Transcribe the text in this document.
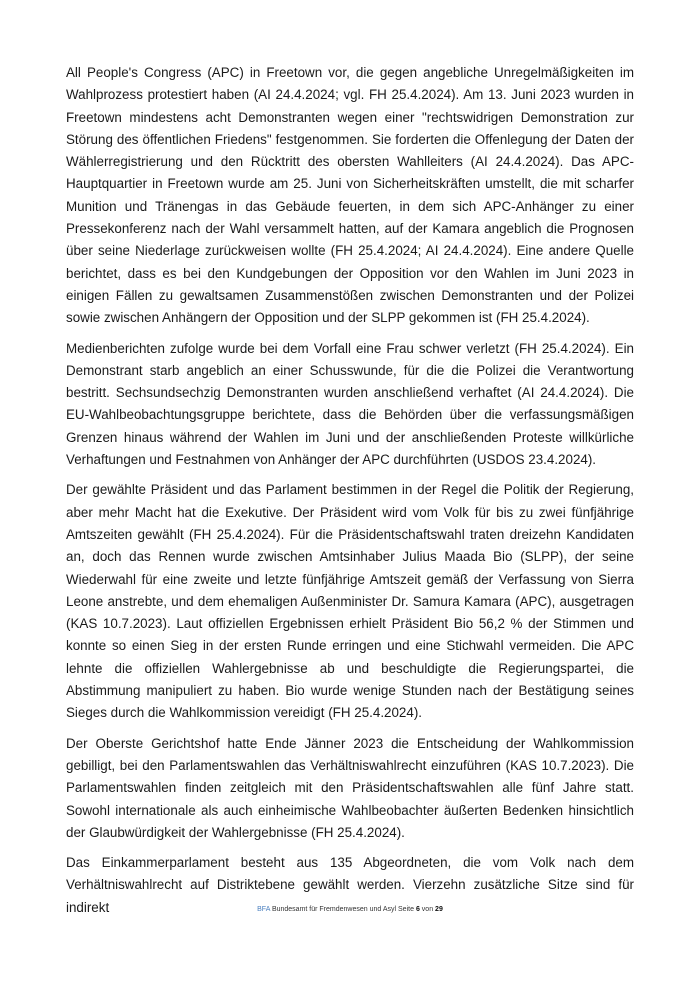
All People's Congress (APC) in Freetown vor, die gegen angebliche Unregelmäßigkeiten im Wahlprozess protestiert haben (AI 24.4.2024; vgl. FH 25.4.2024). Am 13. Juni 2023 wurden in Freetown mindestens acht Demonstranten wegen einer "rechtswidrigen Demonstration zur Störung des öffentlichen Friedens" festgenommen. Sie forderten die Offenlegung der Daten der Wählerregistrierung und den Rücktritt des obersten Wahlleiters (AI 24.4.2024). Das APC-Hauptquartier in Freetown wurde am 25. Juni von Sicherheitskräften umstellt, die mit scharfer Munition und Tränengas in das Gebäude feuerten, in dem sich APC-Anhänger zu einer Pressekonferenz nach der Wahl versammelt hatten, auf der Kamara angeblich die Prognosen über seine Niederlage zurückweisen wollte (FH 25.4.2024; AI 24.4.2024). Eine andere Quelle berichtet, dass es bei den Kundgebungen der Opposition vor den Wahlen im Juni 2023 in einigen Fällen zu gewaltsamen Zusammenstößen zwischen Demonstranten und der Polizei sowie zwischen Anhängern der Opposition und der SLPP gekommen ist (FH 25.4.2024).

Medienberichten zufolge wurde bei dem Vorfall eine Frau schwer verletzt (FH 25.4.2024). Ein Demonstrant starb angeblich an einer Schusswunde, für die die Polizei die Verantwortung bestritt. Sechsundsechzig Demonstranten wurden anschließend verhaftet (AI 24.4.2024). Die EU-Wahlbeobachtungsgruppe berichtete, dass die Behörden über die verfassungsmäßigen Grenzen hinaus während der Wahlen im Juni und der anschließenden Proteste willkürliche Verhaftungen und Festnahmen von Anhänger der APC durchführten (USDOS 23.4.2024).

Der gewählte Präsident und das Parlament bestimmen in der Regel die Politik der Regierung, aber mehr Macht hat die Exekutive. Der Präsident wird vom Volk für bis zu zwei fünfjährige Amtszeiten gewählt (FH 25.4.2024). Für die Präsidentschaftswahl traten dreizehn Kandidaten an, doch das Rennen wurde zwischen Amtsinhaber Julius Maada Bio (SLPP), der seine Wiederwahl für eine zweite und letzte fünfjährige Amtszeit gemäß der Verfassung von Sierra Leone anstrebte, und dem ehemaligen Außenminister Dr. Samura Kamara (APC), ausgetragen (KAS 10.7.2023). Laut offiziellen Ergebnissen erhielt Präsident Bio 56,2 % der Stimmen und konnte so einen Sieg in der ersten Runde erringen und eine Stichwahl vermeiden. Die APC lehnte die offiziellen Wahlergebnisse ab und beschuldigte die Regierungspartei, die Abstimmung manipuliert zu haben. Bio wurde wenige Stunden nach der Bestätigung seines Sieges durch die Wahlkommission vereidigt (FH 25.4.2024).

Der Oberste Gerichtshof hatte Ende Jänner 2023 die Entscheidung der Wahlkommission gebilligt, bei den Parlamentswahlen das Verhältniswahlrecht einzuführen (KAS 10.7.2023). Die Parlamentswahlen finden zeitgleich mit den Präsidentschaftswahlen alle fünf Jahre statt. Sowohl internationale als auch einheimische Wahlbeobachter äußerten Bedenken hinsichtlich der Glaubwürdigkeit der Wahlergebnisse (FH 25.4.2024).

Das Einkammerparlament besteht aus 135 Abgeordneten, die vom Volk nach dem Verhältniswahlrecht auf Distriktebene gewählt werden. Vierzehn zusätzliche Sitze sind für indirekt	BFA Bundesamt für Fremdenwesen und Asyl Seite 6 von 29
